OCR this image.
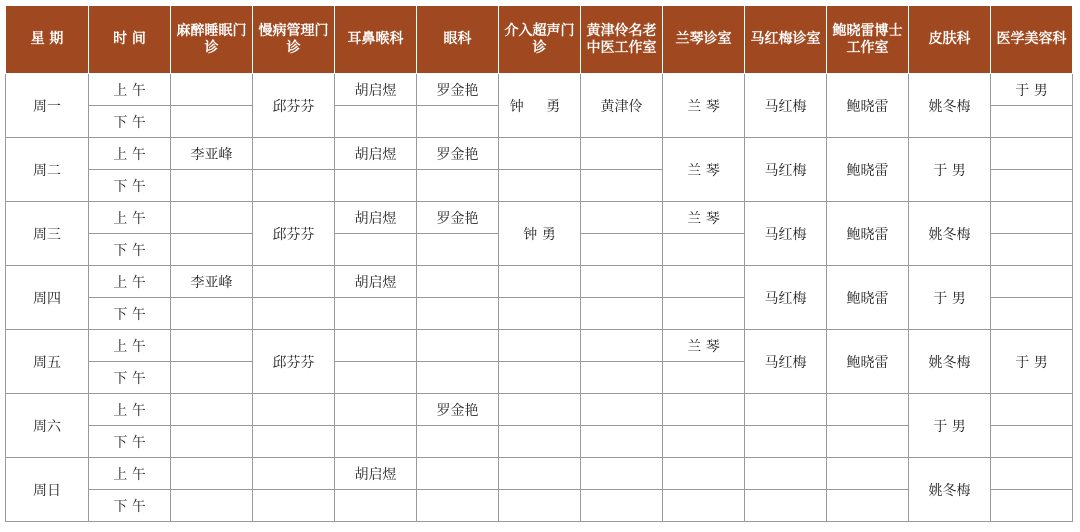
星 期	时 间	麻醉睡眠门诊	慢病管理门诊	耳鼻喉科	眼科	介入超声门诊	黄津伶名老中医工作室	兰琴诊室	马红梅诊室	鲍晓雷博士工作室	皮肤科	医学美容科
周一	上 午		邱芬芬	胡启煜	罗金艳	钟 勇	黄津伶	兰 琴	马红梅	鲍晓雷	姚冬梅	于 男
	下 午											
周二	上 午	李亚峰		胡启煜	罗金艳			兰 琴	马红梅	鲍晓雷	于 男	
	下 午											
周三	上 午		邱芬芬	胡启煜	罗金艳	钟 勇		兰 琴	马红梅	鲍晓雷	姚冬梅	
	下 午											
周四	上 午	李亚峰		胡启煜					马红梅	鲍晓雷	于 男	
	下 午											
周五	上 午		邱芬芬					兰 琴	马红梅	鲍晓雷	姚冬梅	于 男
	下 午											
周六	上 午				罗金艳						于 男	
	下 午											
周日	上 午			胡启煜							姚冬梅	
	下 午											
